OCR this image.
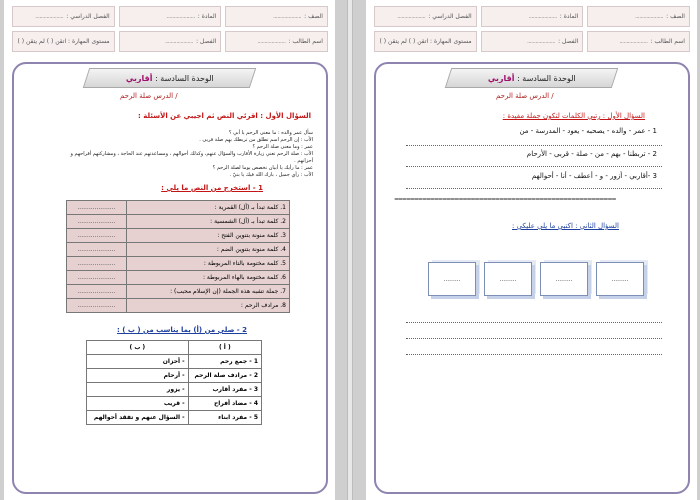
الفصل الدراسي :
....................	المادة :
....................	الصف :
....................
مستوى المهارة : اتقن ( ) لم يتقن ( )	الفصل :
....................	اسم الطالب :
....................
الوحدة السادسة : أقاربي
/ الدرس صلة الرحم
السؤال الأول : اقرئي النص ثم اجيبي عن الأسئلة :
سأل عمر والده : ما معنى الرحم يا أبي ؟
الأب : إن الرحم اسم تطلق من تربطك بهم صلة قربى .
عمر : وما معنى صلة الرحم ؟
الأب : صلة الرحم تعني زيارة الأقارب والسؤال عنهم، وكذلك أحوالهم ، ومساعدتهم عند الحاجة ، ومشاركتهم أفراحهم و أحزانهم .
عمر : ما رأيك يا أبيان نخصص يوما لصلة الرحم ؟
الأب : رأي جميل ، بارك الله فيك يا بنيّ .
1 - استخرج من النص ما يلي :
1. كلمة تبدأ بـ (أل) القمرية :	....................
2. كلمة تبدأ بـ (أل) الشمسية :	....................
3. كلمة منونة بتنوين الفتح :	....................
4. كلمة منونة بتنوين الضم :	....................
5. كلمة مختومة بالتاء المربوطة :	....................
6. كلمة مختومة بالهاء المربوطة :	....................
7. جملة تشبه هذه الجملة (إن الإسلام محبب) :	....................
8. مرادف الرحم :	....................
2 - صلي من (أ) بما يناسب من ( ب ) :
( أ )	( ب )
1 - جمع رحم	- أحزان
2 - مرادف صلة الرحم	- أرحام
3 - مفرد أقارب	- يزور
4 - مضاد أفراح	- قريب
5 - مفرد ابناء	- السؤال عنهم و تفقد أحوالهم
الفصل الدراسي :
....................	المادة :
....................	الصف :
....................
مستوى المهارة : اتقن ( ) لم يتقن ( )	الفصل :
....................	اسم الطالب :
....................
الوحدة السادسة : أقاربي
/ الدرس صلة الرحم
السؤال الأول : رتبي الكلمات لتكون جملة مفيدة :
1 - عمر - والده - يصحبه - يعود - المدرسة - من
2 - تربطنا - بهم - من - صلة - قربى - الأرحام
3 -أقاربي - أزور - و - أعطف - أنا - أحوالهم
=======================================================
السؤال الثاني : اكتبي ما يلي عليكي :
.........	.........	.........	.........
